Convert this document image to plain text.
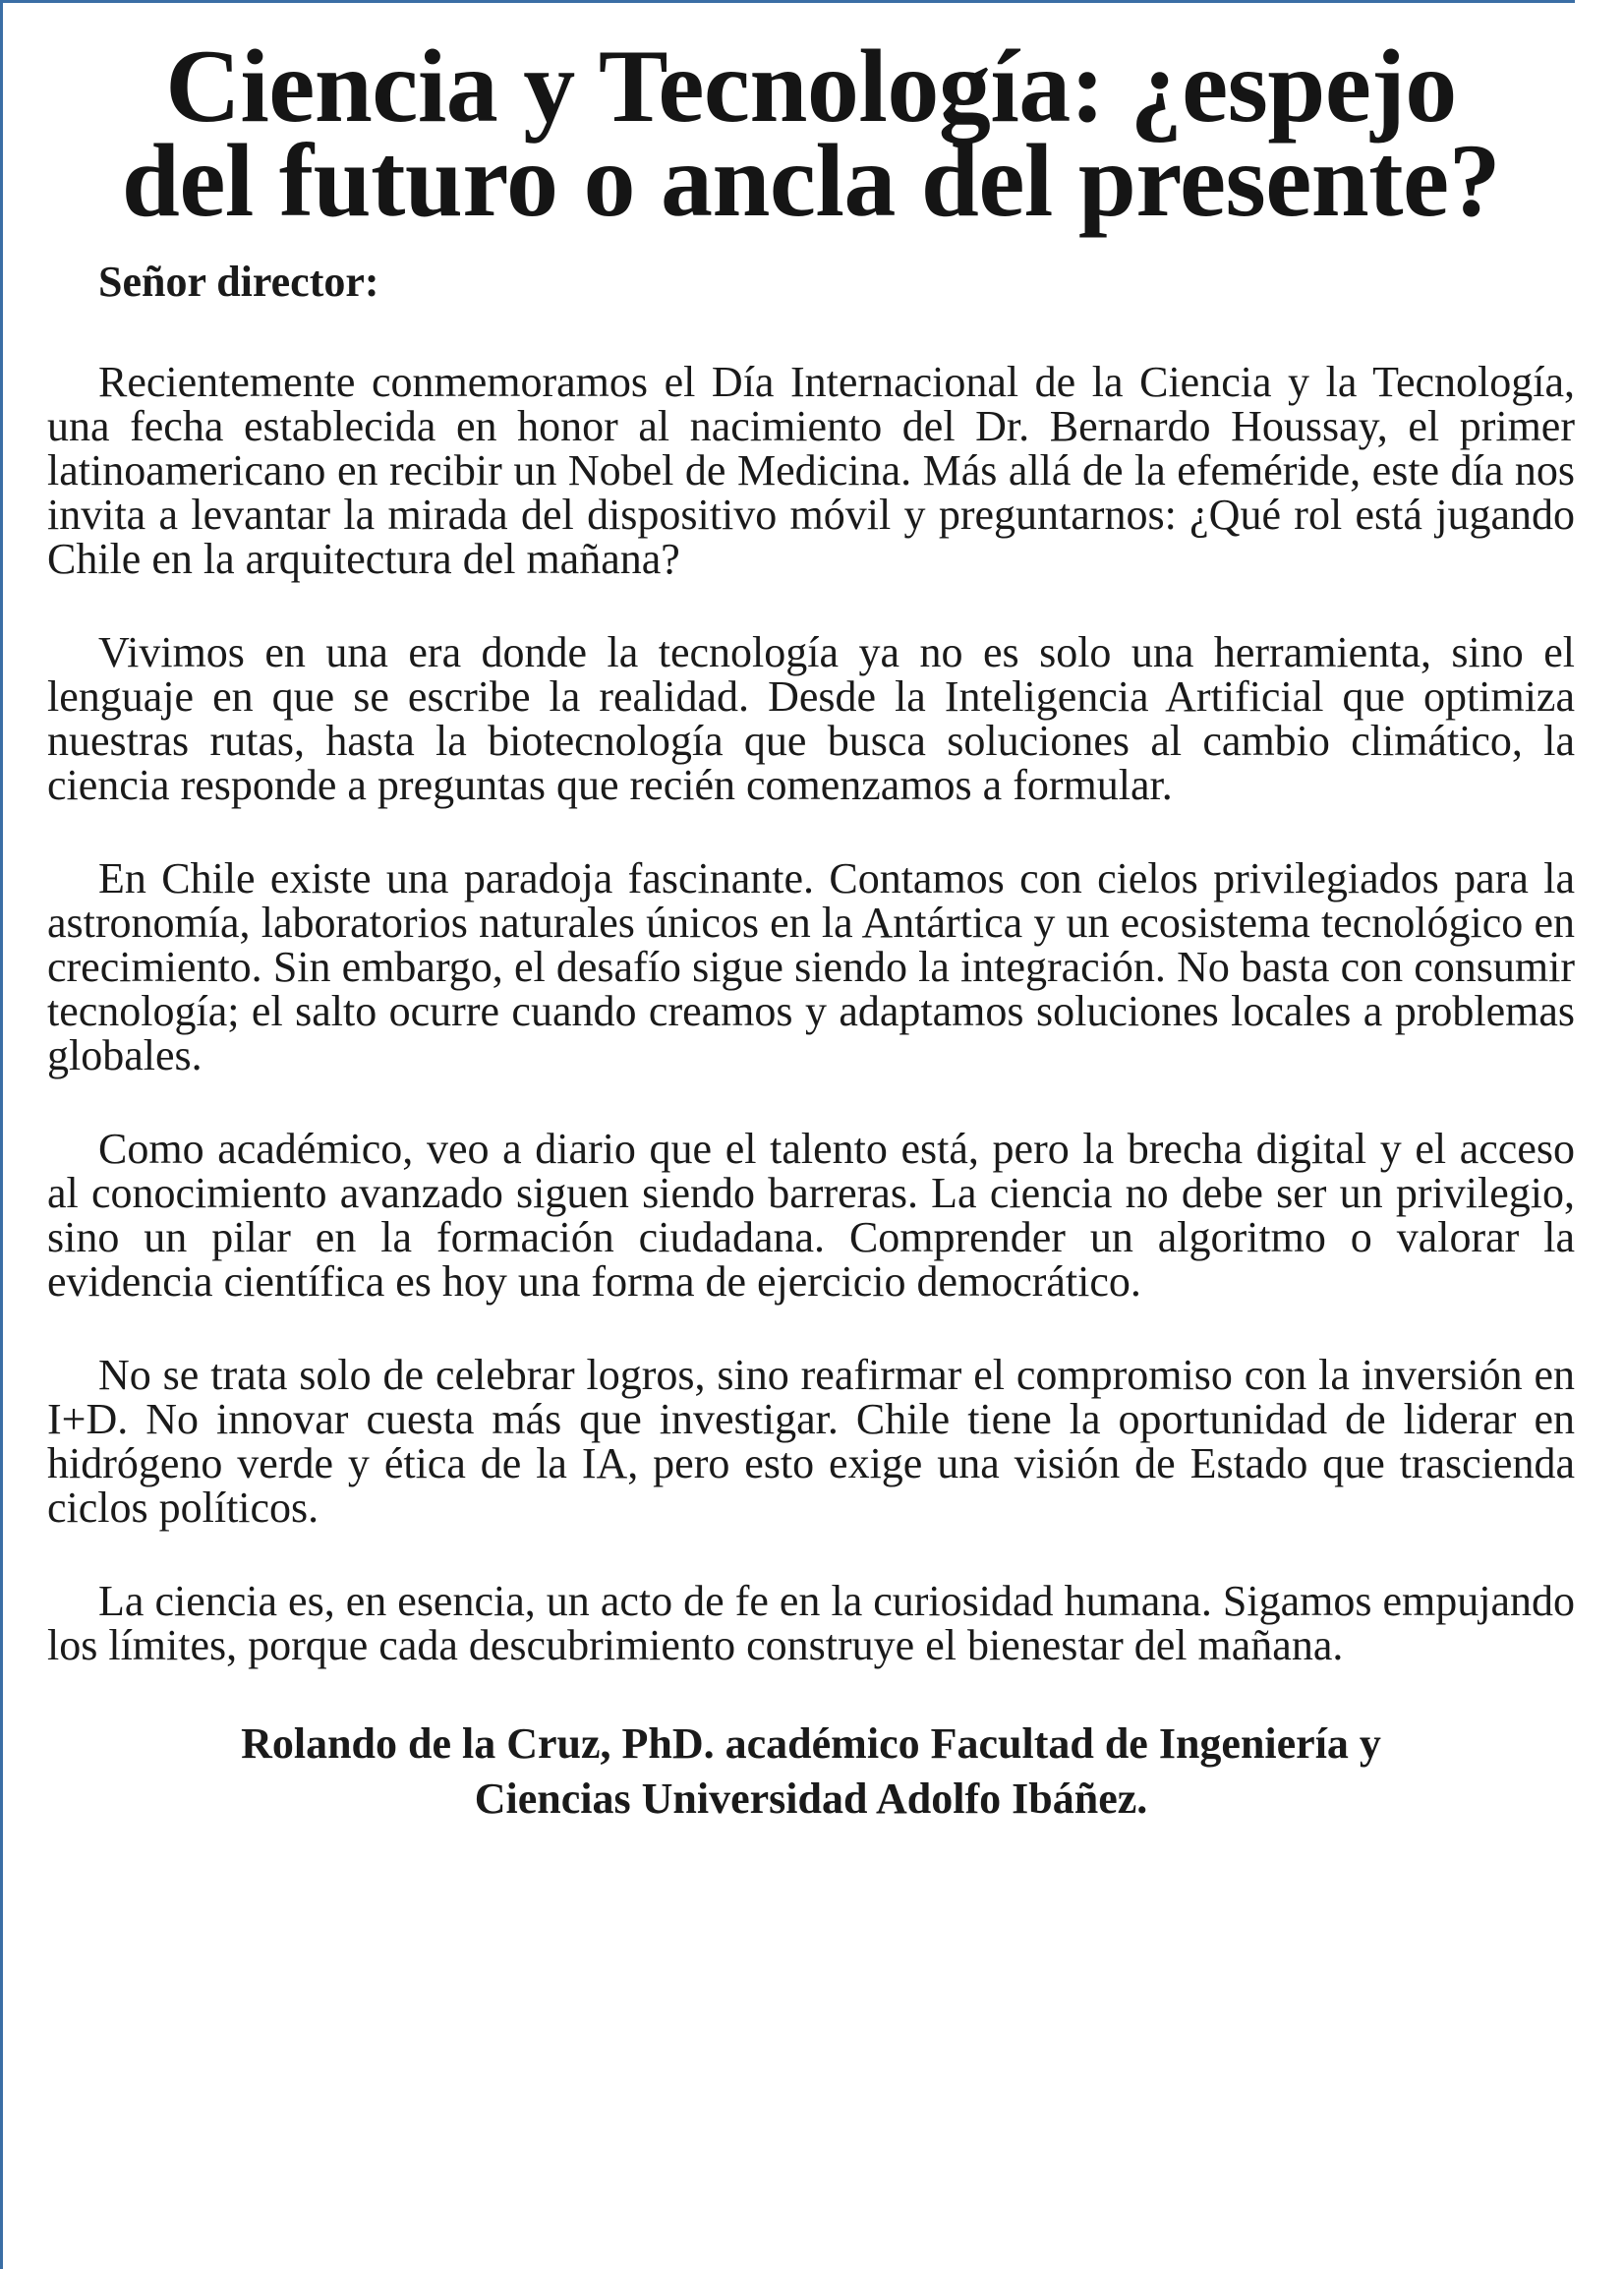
Ciencia y Tecnología: ¿espejo
del futuro o ancla del presente?
Señor director:

Recientemente conmemoramos el Día Internacional de la Ciencia y la Tecnología, una fecha establecida en honor al nacimiento del Dr. Bernardo Houssay, el primer latinoamericano en recibir un Nobel de Medicina. Más allá de la efeméride, este día nos invita a levantar la mirada del dispositivo móvil y preguntarnos: ¿Qué rol está jugando Chile en la arquitectura del mañana?

Vivimos en una era donde la tecnología ya no es solo una herramienta, sino el lenguaje en que se escribe la realidad. Desde la Inteligencia Artificial que optimiza nuestras rutas, hasta la biotecnología que busca soluciones al cambio climático, la ciencia responde a preguntas que recién comenzamos a formular.

En Chile existe una paradoja fascinante. Contamos con cielos privilegiados para la astronomía, laboratorios naturales únicos en la Antártica y un ecosistema tecnológico en crecimiento. Sin embargo, el desafío sigue siendo la integración. No basta con consumir tecnología; el salto ocurre cuando creamos y adaptamos soluciones locales a problemas globales.

Como académico, veo a diario que el talento está, pero la brecha digital y el acceso al conocimiento avanzado siguen siendo barreras. La ciencia no debe ser un privilegio, sino un pilar en la formación ciudadana. Comprender un algoritmo o valorar la evidencia científica es hoy una forma de ejercicio democrático.

No se trata solo de celebrar logros, sino reafirmar el compromiso con la inversión en I+D. No innovar cuesta más que investigar. Chile tiene la oportunidad de liderar en hidrógeno verde y ética de la IA, pero esto exige una visión de Estado que trascienda ciclos políticos.

La ciencia es, en esencia, un acto de fe en la curiosidad humana. Sigamos empujando los límites, porque cada descubrimiento construye el bienestar del mañana.

Rolando de la Cruz, PhD. académico Facultad de Ingeniería y
Ciencias Universidad Adolfo Ibáñez.
